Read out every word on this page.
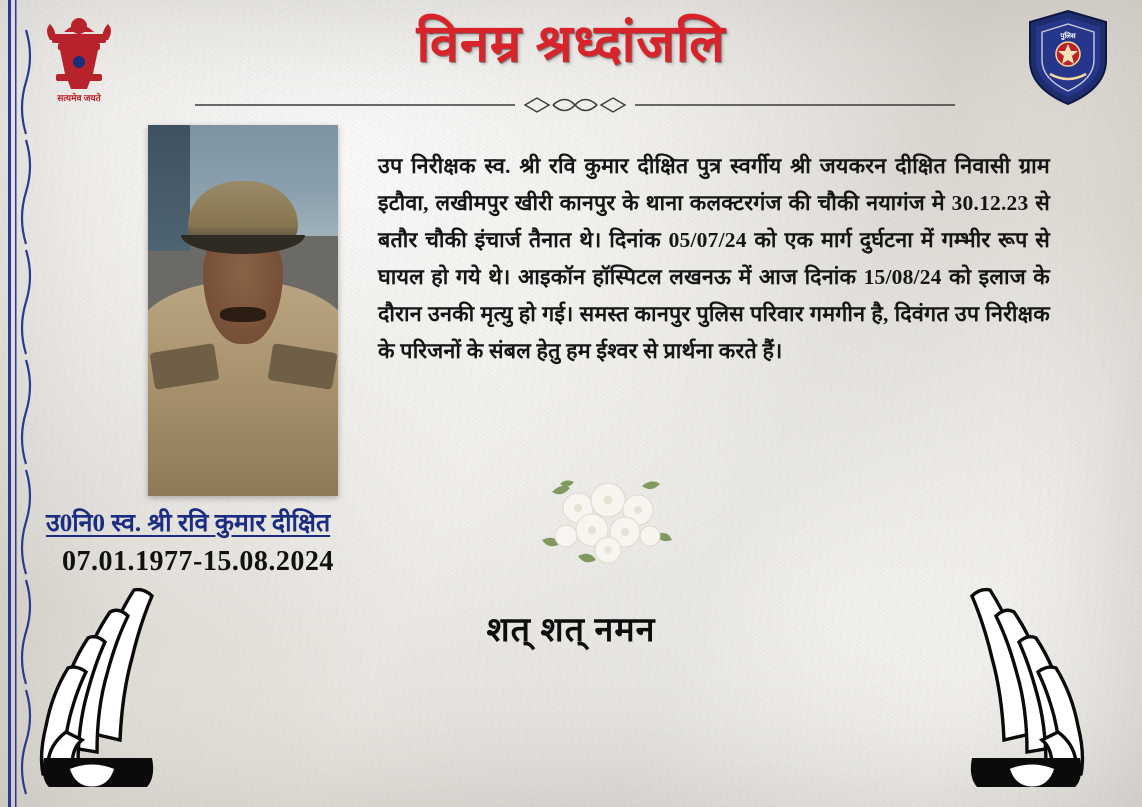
सत्यमेव जयते
पुलिस
विनम्र श्रध्दांजलि
उप निरीक्षक स्व. श्री रवि कुमार दीक्षित पुत्र स्वर्गीय श्री जयकरन दीक्षित निवासी ग्राम इटौवा, लखीमपुर खीरी कानपुर के थाना कलक्टरगंज की चौकी नयागंज मे 30.12.23 से बतौर चौकी इंचार्ज तैनात थे। दिनांक 05/07/24 को एक मार्ग दुर्घटना में गम्भीर रूप से घायल हो गये थे। आइकॉन हॉस्पिटल लखनऊ में आज दिनांक 15/08/24 को इलाज के दौरान उनकी मृत्यु हो गई। समस्त कानपुर पुलिस परिवार गमगीन है, दिवंगत उप निरीक्षक के परिजनों के संबल हेतु हम ईश्वर से प्रार्थना करते हैं।
उ0नि0 स्व. श्री रवि कुमार दीक्षित
07.01.1977-15.08.2024
शत् शत् नमन
